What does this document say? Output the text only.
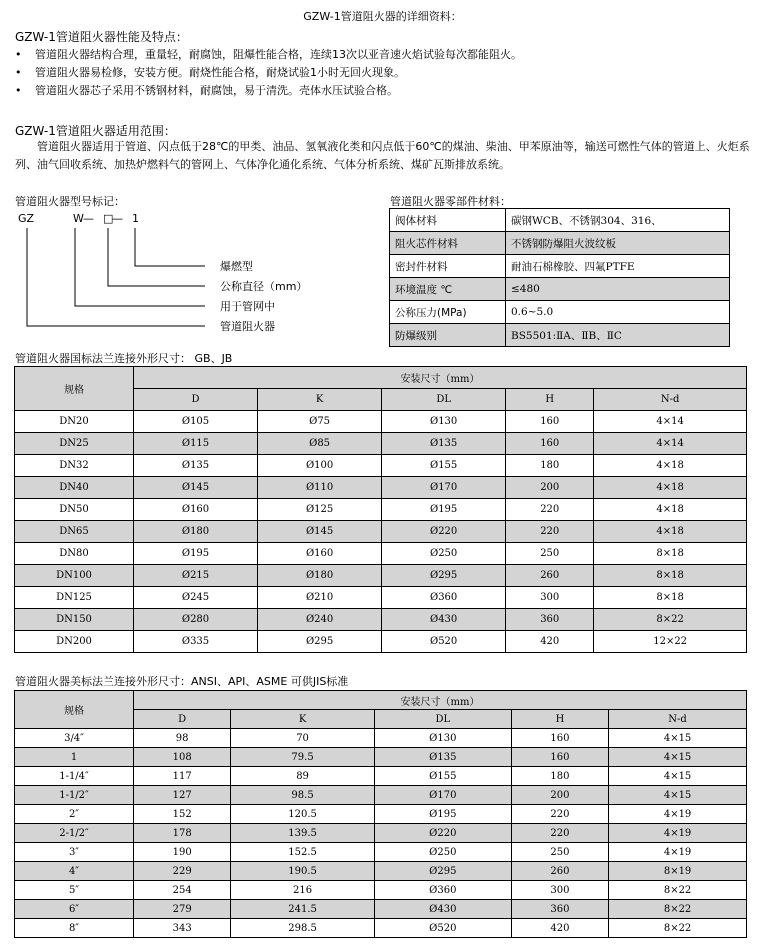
GZW-1管道阻火器的详细资料：
GZW-1管道阻火器性能及特点：
• 管道阻火器结构合理，重量轻，耐腐蚀，阻爆性能合格，连续13次以亚音速火焰试验每次都能阻火。
• 管道阻火器易检修，安装方便。耐烧性能合格，耐烧试验1小时无回火现象。
• 管道阻火器芯子采用不锈钢材料，耐腐蚀，易于清洗。壳体水压试验合格。
GZW-1管道阻火器适用范围：
管道阻火器适用于管道、闪点低于28℃的甲类、油品、氢氧液化类和闪点低于60℃的煤油、柴油、甲苯原油等，输送可燃性气体的管道上、火炬系列、油气回收系统、加热炉燃料气的管网上、气体净化通化系统、气体分析系统、煤矿瓦斯排放系统。
管道阻火器型号标记：
GZ	W — □
— 1
爆燃型
公称直径（mm）
用于管网中
管道阻火器
管道阻火器零部件材料：
阀体材料	碳钢WCB、不锈钢304、316、
阻火芯件材料	不锈钢防爆阻火波纹板
密封件材料	耐油石棉橡胶、四氟PTFE
环境温度 ℃	≤480
公称压力(MPa)	0.6~5.0
防爆级别	BS5501:ⅡA、ⅡB、ⅡC
管道阻火器国标法兰连接外形尺寸： GB、JB
规格	安装尺寸（mm）				
	D	K	DL	H	N-d
DN20	Ø105	Ø75	Ø130	160	4×14
DN25	Ø115	Ø85	Ø135	160	4×14
DN32	Ø135	Ø100	Ø155	180	4×18
DN40	Ø145	Ø110	Ø170	200	4×18
DN50	Ø160	Ø125	Ø195	220	4×18
DN65	Ø180	Ø145	Ø220	220	4×18
DN80	Ø195	Ø160	Ø250	250	8×18
DN100	Ø215	Ø180	Ø295	260	8×18
DN125	Ø245	Ø210	Ø360	300	8×18
DN150	Ø280	Ø240	Ø430	360	8×22
DN200	Ø335	Ø295	Ø520	420	12×22
管道阻火器美标法兰连接外形尺寸：ANSI、API、ASME 可供JIS标准
规格	安装尺寸（mm）				
	D	K	DL	H	N-d
3/4″	98	70	Ø130	160	4×15
1	108	79.5	Ø135	160	4×15
1-1/4″	117	89	Ø155	180	4×15
1-1/2″	127	98.5	Ø170	200	4×15
2″	152	120.5	Ø195	220	4×19
2-1/2″	178	139.5	Ø220	220	4×19
3″	190	152.5	Ø250	250	4×19
4″	229	190.5	Ø295	260	8×19
5″	254	216	Ø360	300	8×22
6″	279	241.5	Ø430	360	8×22
8″	343	298.5	Ø520	420	8×22
